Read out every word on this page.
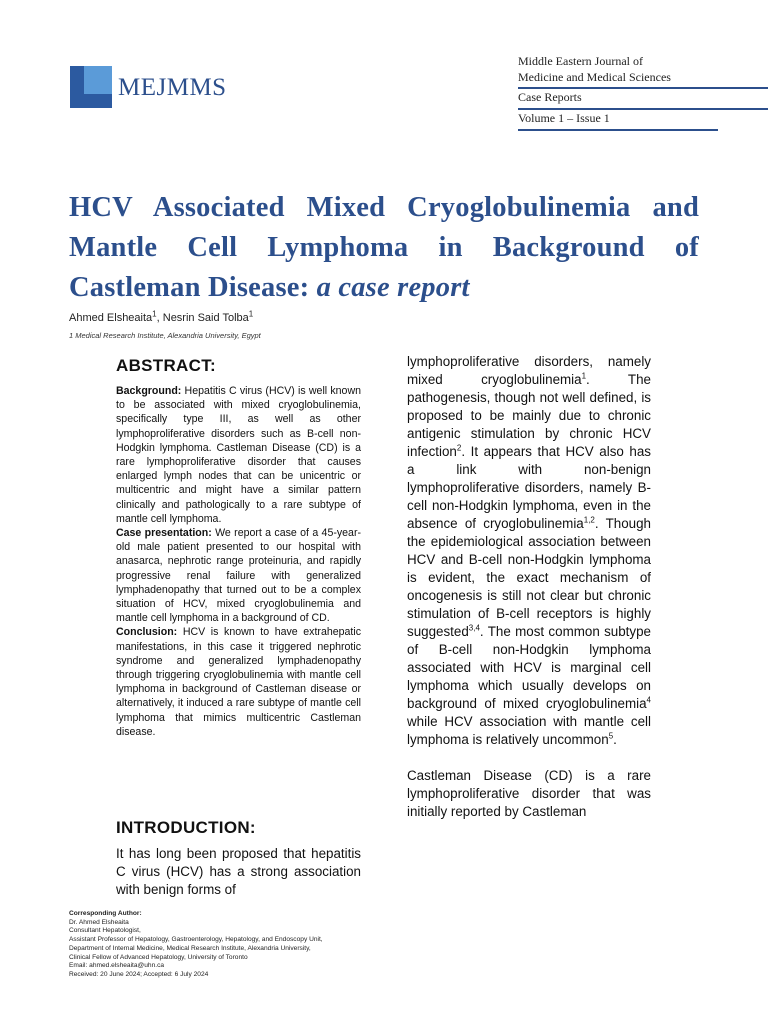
MEJMMS
Middle Eastern Journal of
Medicine and Medical Sciences
Case Reports
Volume 1 – Issue 1
HCV Associated Mixed Cryoglobulinemia and Mantle Cell Lymphoma in Background of Castleman Disease: a case report
Ahmed Elsheaita$^1$, Nesrin Said Tolba$^1$
1 Medical Research Institute, Alexandria University, Egypt
ABSTRACT:

Background: Hepatitis C virus (HCV) is well known to be associated with mixed cryoglobulinemia, specifically type III, as well as other lymphoproliferative disorders such as B-cell non-Hodgkin lymphoma. Castleman Disease (CD) is a rare lymphoproliferative disorder that causes enlarged lymph nodes that can be unicentric or multicentric and might have a similar pattern clinically and pathologically to a rare subtype of mantle cell lymphoma.

Case presentation: We report a case of a 45-year-old male patient presented to our hospital with anasarca, nephrotic range proteinuria, and rapidly progressive renal failure with generalized lymphadenopathy that turned out to be a complex situation of HCV, mixed cryoglobulinemia and mantle cell lymphoma in a background of CD.

Conclusion: HCV is known to have extrahepatic manifestations, in this case it triggered nephrotic syndrome and generalized lymphadenopathy through triggering cryoglobulinemia with mantle cell lymphoma in background of Castleman disease or alternatively, it induced a rare subtype of mantle cell lymphoma that mimics multicentric Castleman disease.

INTRODUCTION:
It has long been proposed that hepatitis C virus (HCV) has a strong association with benign forms of

lymphoproliferative disorders, namely mixed cryoglobulinemia$^1$. The pathogenesis, though not well defined, is proposed to be mainly due to chronic antigenic stimulation by chronic HCV infection$^2$. It appears that HCV also has a link with non-benign lymphoproliferative disorders, namely B-cell non-Hodgkin lymphoma, even in the absence of cryoglobulinemia$^{1,2}$. Though the epidemiological association between HCV and B-cell non-Hodgkin lymphoma is evident, the exact mechanism of oncogenesis is still not clear but chronic stimulation of B-cell receptors is highly suggested$^{3,4}$. The most common subtype of B-cell non-Hodgkin lymphoma associated with HCV is marginal cell lymphoma which usually develops on background of mixed cryoglobulinemia$^4$ while HCV association with mantle cell lymphoma is relatively uncommon$^5$.

Castleman Disease (CD) is a rare lymphoproliferative disorder that was initially reported by Castleman

Corresponding Author:
Dr. Ahmed Elsheaita
Consultant Hepatologist,
Assistant Professor of Hepatology, Gastroenterology, Hepatology, and Endoscopy Unit,
Department of Internal Medicine, Medical Research Institute, Alexandria University,
Clinical Fellow of Advanced Hepatology, University of Toronto
Email: ahmed.elsheaita@uhn.ca
Received: 20 June 2024; Accepted: 6 July 2024
